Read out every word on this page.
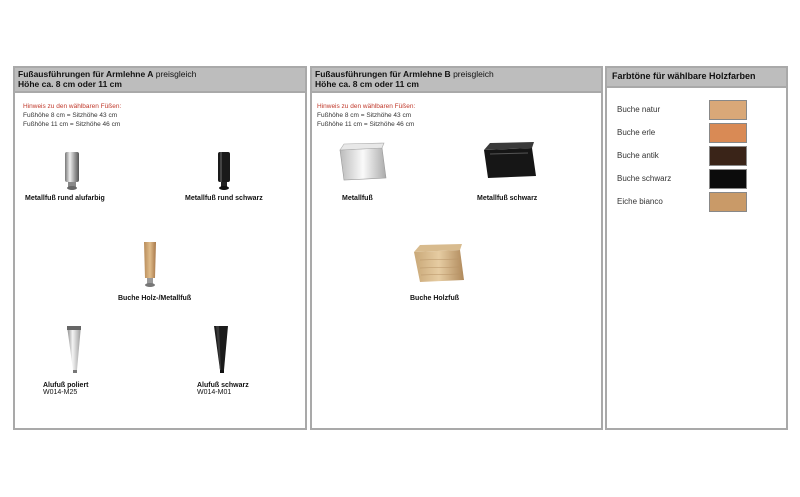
Fußausführungen für Armlehne A preisgleich
Höhe ca. 8 cm oder 11 cm
Hinweis zu den wählbaren Füßen:
Fußhöhe 8 cm = Sitzhöhe 43 cm
Fußhöhe 11 cm = Sitzhöhe 46 cm
Metallfuß rund alufarbig	Metallfuß rund schwarz
Buche Holz-/Metallfuß
Alufuß poliert
W014-M25
Alufuß schwarz
W014-M01
Fußausführungen für Armlehne B preisgleich
Höhe ca. 8 cm oder 11 cm
Hinweis zu den wählbaren Füßen:
Fußhöhe 8 cm = Sitzhöhe 43 cm
Fußhöhe 11 cm = Sitzhöhe 46 cm
Metallfuß	Metallfuß schwarz
Buche Holzfuß
Farbtöne für wählbare Holzfarben
Buche natur
Buche erle
Buche antik
Buche schwarz
Eiche bianco
